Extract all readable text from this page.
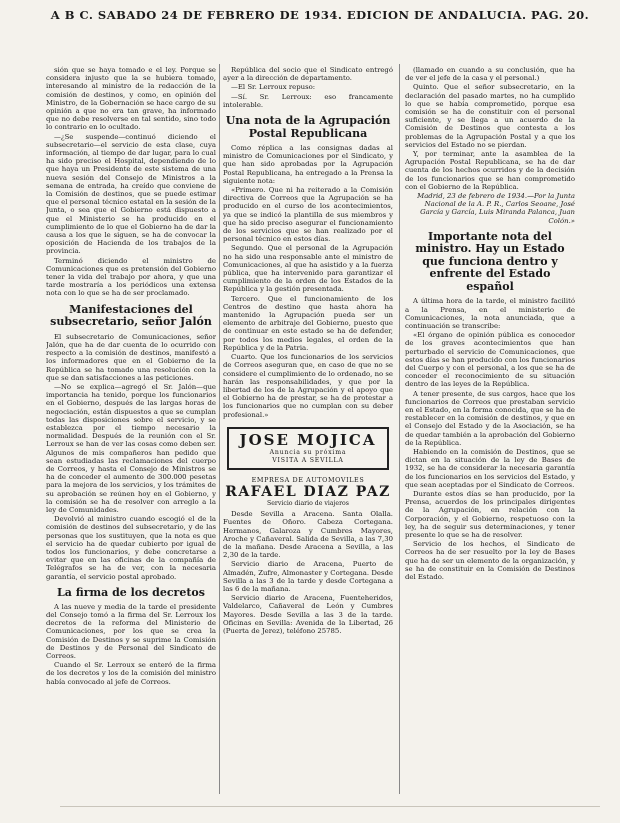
A B C. SABADO 24 DE FEBRERO DE 1934. EDICION DE ANDALUCIA. PAG. 20.

sión que se haya tomado e el ley. Porque se considera injusto que la se hubiera tomado, interesando al ministro de la redacción de la comisión de destinos, y como, en opinión del Ministro, de la Gobernación se hace cargo de su opinión a que no era tan grave, ha informado que no debe resolverse en tal sentido, sino todo lo contrario en lo ocultado.

—¿Se suspende—continuó diciendo el subsecretario—el servicio de esta clase, cuya información, al tiempo de dar lugar, para lo cual ha sido preciso el Hospital, dependiendo de lo que haya un Presidente de este sistema de una nueva sesión del Consejo de Ministros a la semana de entrada, ha creído que conviene de la Comisión de destinos, que se puede estimar que el personal técnico estatal en la sesión de la Junta, o sea que el Gobierno está dispuesto a que el Ministerio se ha producido en el cumplimiento de lo que el Gobierno ha de dar la causa a los que le siguen, se ha de convocar la oposición de Hacienda de los trabajos de la provincia.

Terminó diciendo el ministro de Comunicaciones que es pretensión del Gobierno tener la vida del trabajo por ahora, y que una tarde mostraría a los periódicos una extensa nota con lo que se ha de ser proclamado.

Manifestaciones del subsecretario, señor Jalón

El subsecretario de Comunicaciones, señor Jalón, que ha de dar cuenta de lo ocurrido con respecto a la comisión de destinos, manifestó a los informadores que en el Gobierno de la República se ha tomado una resolución con la que se dan satisfacciones a las peticiones.

—No se explica—agregó el Sr. Jalón—que importancia ha tenido, porque los funcionarios en el Gobierno, después de las largas horas de negociación, están dispuestos a que se cumplan todas las disposiciones sobre el servicio, y se establezca por el tiempo necesario la normalidad. Después de la reunión con el Sr. Lerroux se han de ver las cosas como deben ser. Algunos de mis compañeros han pedido que sean estudiadas las reclamaciones del cuerpo de Correos, y hasta el Consejo de Ministros se ha de conceder el aumento de 300.000 pesetas para la mejora de los servicios, y los trámites de su aprobación se reúnen hoy en el Gobierno, y la comisión se ha de resolver con arreglo a la ley de Comunidades.

Devolvió al ministro cuando escogió el de la comisión de destinos del subsecretario, y de las personas que los sustituyen, que la nota es que el servicio ha de quedar cubierto por igual de todos los funcionarios, y debe concretarse a evitar que en las oficinas de la compañía de Telégrafos se ha de ver, con la necesaria garantía, el servicio postal aprobado.

La firma de los decretos

A las nueve y media de la tarde el presidente del Consejo tomó a la firma del Sr. Lerroux los decretos de la reforma del Ministerio de Comunicaciones, por los que se crea la Comisión de Destinos y se suprime la Comisión de Destinos y de Personal del Sindicato de Correos.

Cuando el Sr. Lerroux se enteró de la firma de los decretos y los de la comisión del ministro había convocado al jefe de Correos.

República del socio que el Sindicato entregó ayer a la dirección de departamento.

—El Sr. Lerroux repuso:

—Sí. Sr. Lerroux: eso francamente intolerable.

Una nota de la Agrupación Postal Republicana

Como réplica a las consignas dadas al ministro de Comunicaciones por el Sindicato, y que han sido aprobadas por la Agrupación Postal Republicana, ha entregado a la Prensa la siguiente nota:

«Primero. Que ni ha reiterado a la Comisión directiva de Correos que la Agrupación se ha producido en el curso de los acontecimientos, ya que se indicó la plantilla de sus miembros y que ha sido preciso asegurar el funcionamiento de los servicios que se han realizado por el personal técnico en estos días.

Segundo. Que el personal de la Agrupación no ha sido una responsable ante el ministro de Comunicaciones, al que ha asistido y a la fuerza pública, que ha intervenido para garantizar el cumplimiento de la orden de los Estados de la República y la gestión presentada.

Tercero. Que el funcionamiento de los Centros de destino que hasta ahora ha mantenido la Agrupación pueda ser un elemento de arbitraje del Gobierno, puesto que de continuar en este estado se ha de defender, por todos los medios legales, el orden de la República y de la Patria.

Cuarto. Que los funcionarios de los servicios de Correos aseguran que, en caso de que no se considere el cumplimiento de lo ordenado, no se harán las responsabilidades, y que por la libertad de los de la Agrupación y el apoyo que el Gobierno ha de prestar, se ha de protestar a los funcionarios que no cumplan con su deber profesional.»

JOSE MOJICA
Anuncia su próxima
VISITA A SEVILLA
EMPRESA DE AUTOMOVILES
RAFAEL DIAZ PAZ
Servicio diario de viajeros

Desde Sevilla a Aracena. Santa Olalla. Fuentes de Oñoro. Cabeza Cortegana. Hermanos, Galaroza y Cumbres Mayores, Aroche y Cañaveral. Salida de Sevilla, a las 7,30 de la mañana. Desde Aracena a Sevilla, a las 2,30 de la tarde.

Servicio diario de Aracena, Puerto de Almadén, Zufre, Almonaster y Cortegana. Desde Sevilla a las 3 de la tarde y desde Cortegana a las 6 de la mañana.

Servicio diario de Aracena, Fuenteheridos, Valdelarco, Cañaveral de León y Cumbres Mayores. Desde Sevilla a las 3 de la tarde. Oficinas en Sevilla: Avenida de la Libertad, 26 (Puerta de Jerez), teléfono 25785.

(llamado en cuando a su conclusión, que ha de ver el jefe de la casa y el personal.)

Quinto. Que el señor subsecretario, en la declaración del pasado martes, no ha cumplido lo que se había comprometido, porque esa comisión se ha de constituir con el personal suficiente, y se llega a un acuerdo de la Comisión de Destinos que contesta a los problemas de la Agrupación Postal y a que los servicios del Estado no se pierdan.

Y, por terminar, ante la asamblea de la Agrupación Postal Republicana, se ha de dar cuenta de los hechos ocurridos y de la decisión de los funcionarios que se han comprometido con el Gobierno de la República.

Madrid, 23 de febrero de 1934.—Por la Junta Nacional de la A. P. R., Carlos Seoane, José García y García, Luis Miranda Palanca, Juan Colón.»

Importante nota del ministro. Hay un Estado que funciona dentro y enfrente del Estado español

A última hora de la tarde, el ministro facilitó a la Prensa, en el ministerio de Comunicaciones, la nota anunciada, que a continuación se transcribe:

«El órgano de opinión pública es conocedor de los graves acontecimientos que han perturbado el servicio de Comunicaciones, que estos días se han producido con los funcionarios del Cuerpo y con el personal, a los que se ha de conceder el reconocimiento de su situación dentro de las leyes de la República.

A tener presente, de sus cargos, hace que los funcionarios de Correos que prestaban servicio en el Estado, en la forma conocida, que se ha de restablecer en la comisión de destinos, y que en el Consejo del Estado y de la Asociación, se ha de quedar también a la aprobación del Gobierno de la República.

Habiendo en la comisión de Destinos, que se dictan en la situación de la ley de Bases de 1932, se ha de considerar la necesaria garantía de los funcionarios en los servicios del Estado, y que sean aceptadas por el Sindicato de Correos.

Durante estos días se han producido, por la Prensa, acuerdos de los principales dirigentes de la Agrupación, en relación con la Corporación, y el Gobierno, respetuoso con la ley, ha de seguir sus determinaciones, y tener presente lo que se ha de resolver.

Servicio de los hechos, el Sindicato de Correos ha de ser resuelto por la ley de Bases que ha de ser un elemento de la organización, y se ha de constituir en la Comisión de Destinos del Estado.
